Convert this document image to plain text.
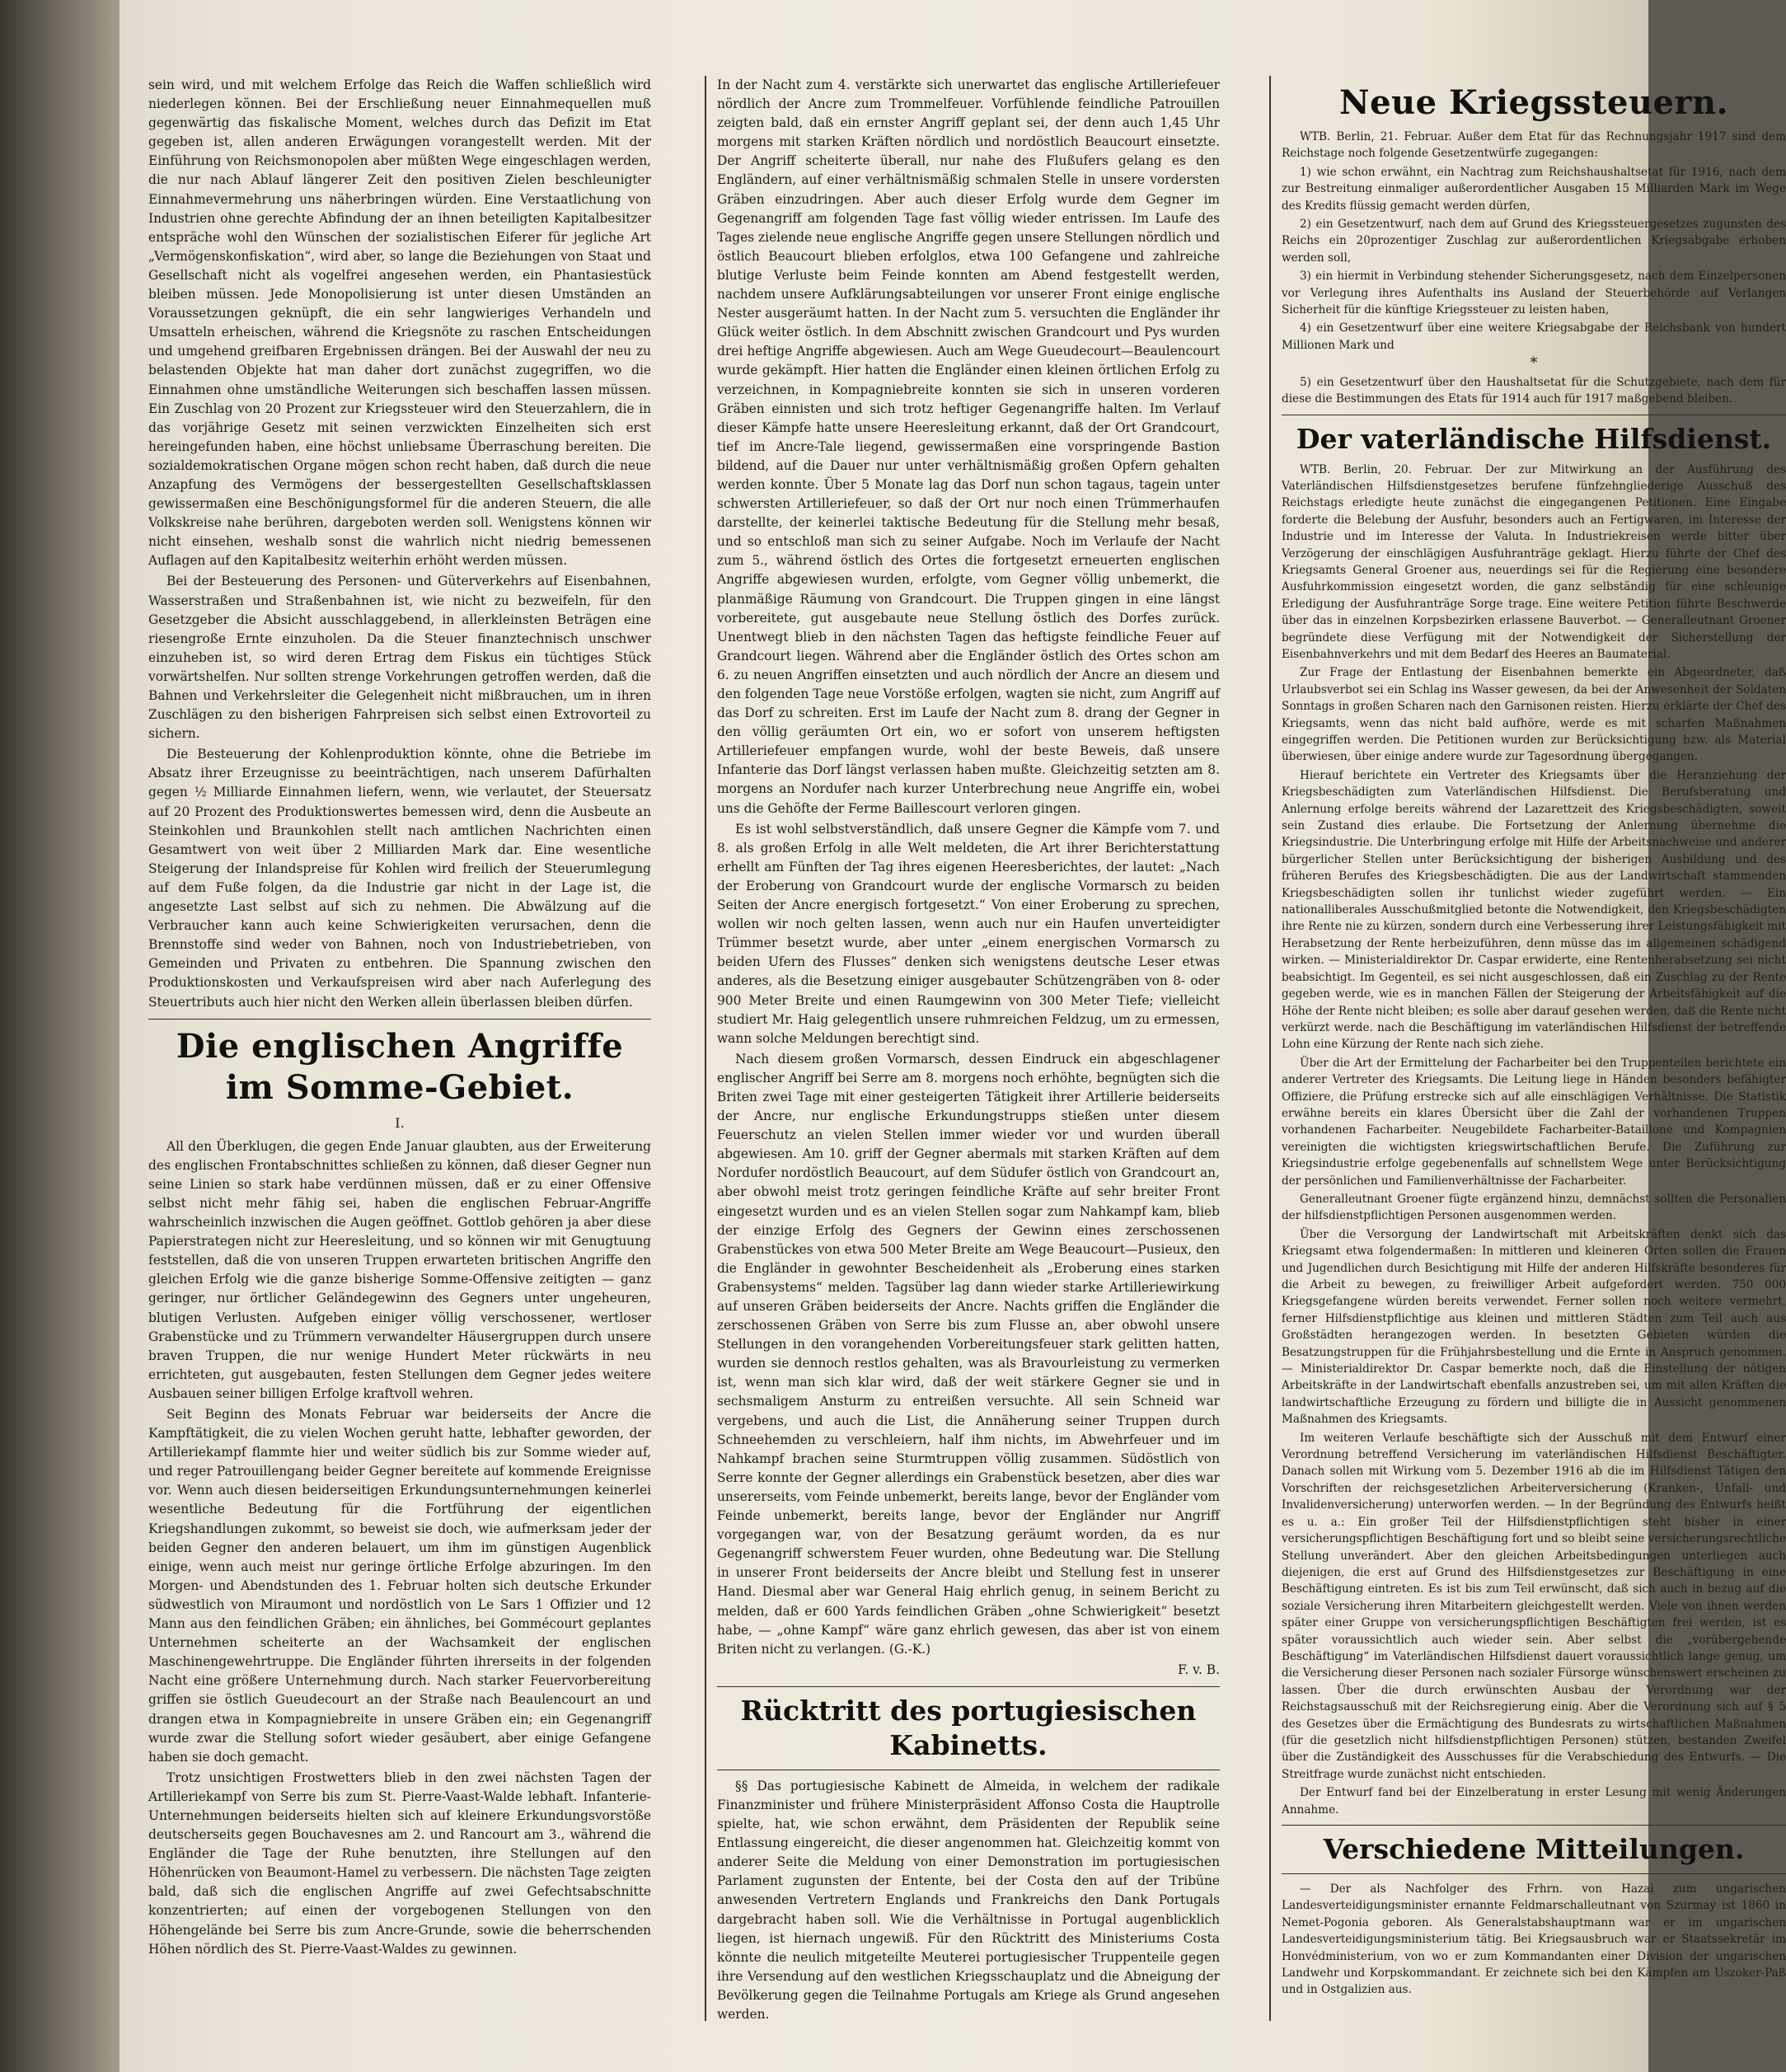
sein wird, und mit welchem Erfolge das Reich die Waffen schließlich wird niederlegen können. Bei der Erschließung neuer Einnahmequellen muß gegenwärtig das fiskalische Moment, welches durch das Defizit im Etat gegeben ist, allen anderen Erwägungen vorangestellt werden. Mit der Einführung von Reichsmonopolen aber müßten Wege eingeschlagen werden, die nur nach Ablauf längerer Zeit den positiven Zielen beschleunigter Einnahmevermehrung uns näherbringen würden. Eine Verstaatlichung von Industrien ohne gerechte Abfindung der an ihnen beteiligten Kapitalbesitzer entspräche wohl den Wünschen der sozialistischen Eiferer für jegliche Art „Vermögenskonfiskation“, wird aber, so lange die Beziehungen von Staat und Gesellschaft nicht als vogelfrei angesehen werden, ein Phantasiestück bleiben müssen. Jede Monopolisierung ist unter diesen Umständen an Voraussetzungen geknüpft, die ein sehr langwieriges Verhandeln und Umsatteln erheischen, während die Kriegsnöte zu raschen Entscheidungen und umgehend greifbaren Ergebnissen drängen. Bei der Auswahl der neu zu belastenden Objekte hat man daher dort zunächst zugegriffen, wo die Einnahmen ohne umständliche Weiterungen sich beschaffen lassen müssen. Ein Zuschlag von 20 Prozent zur Kriegssteuer wird den Steuerzahlern, die in das vorjährige Gesetz mit seinen verzwickten Einzelheiten sich erst hereingefunden haben, eine höchst unliebsame Überraschung bereiten. Die sozialdemokratischen Organe mögen schon recht haben, daß durch die neue Anzapfung des Vermögens der bessergestellten Gesellschaftsklassen gewissermaßen eine Beschönigungsformel für die anderen Steuern, die alle Volkskreise nahe berühren, dargeboten werden soll. Wenigstens können wir nicht einsehen, weshalb sonst die wahrlich nicht niedrig bemessenen Auflagen auf den Kapitalbesitz weiterhin erhöht werden müssen.

Bei der Besteuerung des Personen- und Güterverkehrs auf Eisenbahnen, Wasserstraßen und Straßenbahnen ist, wie nicht zu bezweifeln, für den Gesetzgeber die Absicht ausschlaggebend, in allerkleinsten Beträgen eine riesengroße Ernte einzuholen. Da die Steuer finanztechnisch unschwer einzuheben ist, so wird deren Ertrag dem Fiskus ein tüchtiges Stück vorwärtshelfen. Nur sollten strenge Vorkehrungen getroffen werden, daß die Bahnen und Verkehrsleiter die Gelegenheit nicht mißbrauchen, um in ihren Zuschlägen zu den bisherigen Fahrpreisen sich selbst einen Extrovorteil zu sichern.

Die Besteuerung der Kohlenproduktion könnte, ohne die Betriebe im Absatz ihrer Erzeugnisse zu beeinträchtigen, nach unserem Dafürhalten gegen ½ Milliarde Einnahmen liefern, wenn, wie verlautet, der Steuersatz auf 20 Prozent des Produktionswertes bemessen wird, denn die Ausbeute an Steinkohlen und Braunkohlen stellt nach amtlichen Nachrichten einen Gesamtwert von weit über 2 Milliarden Mark dar. Eine wesentliche Steigerung der Inlandspreise für Kohlen wird freilich der Steuerumlegung auf dem Fuße folgen, da die Industrie gar nicht in der Lage ist, die angesetzte Last selbst auf sich zu nehmen. Die Abwälzung auf die Verbraucher kann auch keine Schwierigkeiten verursachen, denn die Brennstoffe sind weder von Bahnen, noch von Industriebetrieben, von Gemeinden und Privaten zu entbehren. Die Spannung zwischen den Produktionskosten und Verkaufspreisen wird aber nach Auferlegung des Steuertributs auch hier nicht den Werken allein überlassen bleiben dürfen.

Die englischen Angriffe im Somme-Gebiet.
I.

All den Überklugen, die gegen Ende Januar glaubten, aus der Erweiterung des englischen Frontabschnittes schließen zu können, daß dieser Gegner nun seine Linien so stark habe verdünnen müssen, daß er zu einer Offensive selbst nicht mehr fähig sei, haben die englischen Februar-Angriffe wahrscheinlich inzwischen die Augen geöffnet. Gottlob gehören ja aber diese Papierstrategen nicht zur Heeresleitung, und so können wir mit Genugtuung feststellen, daß die von unseren Truppen erwarteten britischen Angriffe den gleichen Erfolg wie die ganze bisherige Somme-Offensive zeitigten — ganz geringer, nur örtlicher Geländegewinn des Gegners unter ungeheuren, blutigen Verlusten. Aufgeben einiger völlig verschossener, wertloser Grabenstücke und zu Trümmern verwandelter Häusergruppen durch unsere braven Truppen, die nur wenige Hundert Meter rückwärts in neu errichteten, gut ausgebauten, festen Stellungen dem Gegner jedes weitere Ausbauen seiner billigen Erfolge kraftvoll wehren.

Seit Beginn des Monats Februar war beiderseits der Ancre die Kampftätigkeit, die zu vielen Wochen geruht hatte, lebhafter geworden, der Artilleriekampf flammte hier und weiter südlich bis zur Somme wieder auf, und reger Patrouillengang beider Gegner bereitete auf kommende Ereignisse vor. Wenn auch diesen beiderseitigen Erkundungsunternehmungen keinerlei wesentliche Bedeutung für die Fortführung der eigentlichen Kriegshandlungen zukommt, so beweist sie doch, wie aufmerksam jeder der beiden Gegner den anderen belauert, um ihm im günstigen Augenblick einige, wenn auch meist nur geringe örtliche Erfolge abzuringen. Im den Morgen- und Abendstunden des 1. Februar holten sich deutsche Erkunder südwestlich von Miraumont und nordöstlich von Le Sars 1 Offizier und 12 Mann aus den feindlichen Gräben; ein ähnliches, bei Gommécourt geplantes Unternehmen scheiterte an der Wachsamkeit der englischen Maschinengewehrtruppe. Die Engländer führten ihrerseits in der folgenden Nacht eine größere Unternehmung durch. Nach starker Feuervorbereitung griffen sie östlich Gueudecourt an der Straße nach Beaulencourt an und drangen etwa in Kompagniebreite in unsere Gräben ein; ein Gegenangriff wurde zwar die Stellung sofort wieder gesäubert, aber einige Gefangene haben sie doch gemacht.

Trotz unsichtigen Frostwetters blieb in den zwei nächsten Tagen der Artilleriekampf von Serre bis zum St. Pierre-Vaast-Walde lebhaft. Infanterie-Unternehmungen beiderseits hielten sich auf kleinere Erkundungsvorstöße deutscherseits gegen Bouchavesnes am 2. und Rancourt am 3., während die Engländer die Tage der Ruhe benutzten, ihre Stellungen auf den Höhenrücken von Beaumont-Hamel zu verbessern. Die nächsten Tage zeigten bald, daß sich die englischen Angriffe auf zwei Gefechtsabschnitte konzentrierten; auf einen der vorgebogenen Stellungen von den Höhengelände bei Serre bis zum Ancre-Grunde, sowie die beherrschenden Höhen nördlich des St. Pierre-Vaast-Waldes zu gewinnen.

In der Nacht zum 4. verstärkte sich unerwartet das englische Artilleriefeuer nördlich der Ancre zum Trommelfeuer. Vorfühlende feindliche Patrouillen zeigten bald, daß ein ernster Angriff geplant sei, der denn auch 1,45 Uhr morgens mit starken Kräften nördlich und nordöstlich Beaucourt einsetzte. Der Angriff scheiterte überall, nur nahe des Flußufers gelang es den Engländern, auf einer verhältnismäßig schmalen Stelle in unsere vordersten Gräben einzudringen. Aber auch dieser Erfolg wurde dem Gegner im Gegenangriff am folgenden Tage fast völlig wieder entrissen. Im Laufe des Tages zielende neue englische Angriffe gegen unsere Stellungen nördlich und östlich Beaucourt blieben erfolglos, etwa 100 Gefangene und zahlreiche blutige Verluste beim Feinde konnten am Abend festgestellt werden, nachdem unsere Aufklärungsabteilungen vor unserer Front einige englische Nester ausgeräumt hatten. In der Nacht zum 5. versuchten die Engländer ihr Glück weiter östlich. In dem Abschnitt zwischen Grandcourt und Pys wurden drei heftige Angriffe abgewiesen. Auch am Wege Gueudecourt—Beaulencourt wurde gekämpft. Hier hatten die Engländer einen kleinen örtlichen Erfolg zu verzeichnen, in Kompagniebreite konnten sie sich in unseren vorderen Gräben einnisten und sich trotz heftiger Gegenangriffe halten. Im Verlauf dieser Kämpfe hatte unsere Heeresleitung erkannt, daß der Ort Grandcourt, tief im Ancre-Tale liegend, gewissermaßen eine vorspringende Bastion bildend, auf die Dauer nur unter verhältnismäßig großen Opfern gehalten werden konnte. Über 5 Monate lag das Dorf nun schon tagaus, tagein unter schwersten Artilleriefeuer, so daß der Ort nur noch einen Trümmerhaufen darstellte, der keinerlei taktische Bedeutung für die Stellung mehr besaß, und so entschloß man sich zu seiner Aufgabe. Noch im Verlaufe der Nacht zum 5., während östlich des Ortes die fortgesetzt erneuerten englischen Angriffe abgewiesen wurden, erfolgte, vom Gegner völlig unbemerkt, die planmäßige Räumung von Grandcourt. Die Truppen gingen in eine längst vorbereitete, gut ausgebaute neue Stellung östlich des Dorfes zurück. Unentwegt blieb in den nächsten Tagen das heftigste feindliche Feuer auf Grandcourt liegen. Während aber die Engländer östlich des Ortes schon am 6. zu neuen Angriffen einsetzten und auch nördlich der Ancre an diesem und den folgenden Tage neue Vorstöße erfolgen, wagten sie nicht, zum Angriff auf das Dorf zu schreiten. Erst im Laufe der Nacht zum 8. drang der Gegner in den völlig geräumten Ort ein, wo er sofort von unserem heftigsten Artilleriefeuer empfangen wurde, wohl der beste Beweis, daß unsere Infanterie das Dorf längst verlassen haben mußte. Gleichzeitig setzten am 8. morgens an Nordufer nach kurzer Unterbrechung neue Angriffe ein, wobei uns die Gehöfte der Ferme Baillescourt verloren gingen.

Es ist wohl selbstverständlich, daß unsere Gegner die Kämpfe vom 7. und 8. als großen Erfolg in alle Welt meldeten, die Art ihrer Berichterstattung erhellt am Fünften der Tag ihres eigenen Heeresberichtes, der lautet: „Nach der Eroberung von Grandcourt wurde der englische Vormarsch zu beiden Seiten der Ancre energisch fortgesetzt.“ Von einer Eroberung zu sprechen, wollen wir noch gelten lassen, wenn auch nur ein Haufen unverteidigter Trümmer besetzt wurde, aber unter „einem energischen Vormarsch zu beiden Ufern des Flusses“ denken sich wenigstens deutsche Leser etwas anderes, als die Besetzung einiger ausgebauter Schützengräben von 8- oder 900 Meter Breite und einen Raumgewinn von 300 Meter Tiefe; vielleicht studiert Mr. Haig gelegentlich unsere ruhmreichen Feldzug, um zu ermessen, wann solche Meldungen berechtigt sind.

Nach diesem großen Vormarsch, dessen Eindruck ein abgeschlagener englischer Angriff bei Serre am 8. morgens noch erhöhte, begnügten sich die Briten zwei Tage mit einer gesteigerten Tätigkeit ihrer Artillerie beiderseits der Ancre, nur englische Erkundungstrupps stießen unter diesem Feuerschutz an vielen Stellen immer wieder vor und wurden überall abgewiesen. Am 10. griff der Gegner abermals mit starken Kräften auf dem Nordufer nordöstlich Beaucourt, auf dem Südufer östlich von Grandcourt an, aber obwohl meist trotz geringen feindliche Kräfte auf sehr breiter Front eingesetzt wurden und es an vielen Stellen sogar zum Nahkampf kam, blieb der einzige Erfolg des Gegners der Gewinn eines zerschossenen Grabenstückes von etwa 500 Meter Breite am Wege Beaucourt—Pusieux, den die Engländer in gewohnter Bescheidenheit als „Eroberung eines starken Grabensystems“ melden. Tagsüber lag dann wieder starke Artilleriewirkung auf unseren Gräben beiderseits der Ancre. Nachts griffen die Engländer die zerschossenen Gräben von Serre bis zum Flusse an, aber obwohl unsere Stellungen in den vorangehenden Vorbereitungsfeuer stark gelitten hatten, wurden sie dennoch restlos gehalten, was als Bravourleistung zu vermerken ist, wenn man sich klar wird, daß der weit stärkere Gegner sie und in sechsmaligem Ansturm zu entreißen versuchte. All sein Schneid war vergebens, und auch die List, die Annäherung seiner Truppen durch Schneehemden zu verschleiern, half ihm nichts, im Abwehrfeuer und im Nahkampf brachen seine Sturmtruppen völlig zusammen. Südöstlich von Serre konnte der Gegner allerdings ein Grabenstück besetzen, aber dies war unsererseits, vom Feinde unbemerkt, bereits lange, bevor der Engländer vom Feinde unbemerkt, bereits lange, bevor der Engländer nur Angriff vorgegangen war, von der Besatzung geräumt worden, da es nur Gegenangriff schwerstem Feuer wurden, ohne Bedeutung war. Die Stellung in unserer Front beiderseits der Ancre bleibt und Stellung fest in unserer Hand. Diesmal aber war General Haig ehrlich genug, in seinem Bericht zu melden, daß er 600 Yards feindlichen Gräben „ohne Schwierigkeit“ besetzt habe, — „ohne Kampf“ wäre ganz ehrlich gewesen, das aber ist von einem Briten nicht zu verlangen. (G.-K.)

F. v. B.
Rücktritt des portugiesischen Kabinetts.

§§ Das portugiesische Kabinett de Almeida, in welchem der radikale Finanzminister und frühere Ministerpräsident Affonso Costa die Hauptrolle spielte, hat, wie schon erwähnt, dem Präsidenten der Republik seine Entlassung eingereicht, die dieser angenommen hat. Gleichzeitig kommt von anderer Seite die Meldung von einer Demonstration im portugiesischen Parlament zugunsten der Entente, bei der Costa den auf der Tribüne anwesenden Vertretern Englands und Frankreichs den Dank Portugals dargebracht haben soll. Wie die Verhältnisse in Portugal augenblicklich liegen, ist hiernach ungewiß. Für den Rücktritt des Ministeriums Costa könnte die neulich mitgeteilte Meuterei portugiesischer Truppenteile gegen ihre Versendung auf den westlichen Kriegsschauplatz und die Abneigung der Bevölkerung gegen die Teilnahme Portugals am Kriege als Grund angesehen werden.

Neue Kriegssteuern.

WTB. Berlin, 21. Februar. Außer dem Etat für das Rechnungsjahr 1917 sind dem Reichstage noch folgende Gesetzentwürfe zugegangen:

1) wie schon erwähnt, ein Nachtrag zum Reichshaushaltsetat für 1916, nach dem zur Bestreitung einmaliger außerordentlicher Ausgaben 15 Milliarden Mark im Wege des Kredits flüssig gemacht werden dürfen,

2) ein Gesetzentwurf, nach dem auf Grund des Kriegssteuergesetzes zugunsten des Reichs ein 20prozentiger Zuschlag zur außerordentlichen Kriegsabgabe erhoben werden soll,

3) ein hiermit in Verbindung stehender Sicherungsgesetz, nach dem Einzelpersonen vor Verlegung ihres Aufenthalts ins Ausland der Steuerbehörde auf Verlangen Sicherheit für die künftige Kriegssteuer zu leisten haben,

4) ein Gesetzentwurf über eine weitere Kriegsabgabe der Reichsbank von hundert Millionen Mark und

*

5) ein Gesetzentwurf über den Haushaltsetat für die Schutzgebiete, nach dem für diese die Bestimmungen des Etats für 1914 auch für 1917 maßgebend bleiben.

Der vaterländische Hilfsdienst.

WTB. Berlin, 20. Februar. Der zur Mitwirkung an der Ausführung des Vaterländischen Hilfsdienstgesetzes berufene fünfzehngliederige Ausschuß des Reichstags erledigte heute zunächst die eingegangenen Petitionen. Eine Eingabe forderte die Belebung der Ausfuhr, besonders auch an Fertigwaren, im Interesse der Industrie und im Interesse der Valuta. In Industriekreisen werde bitter über Verzögerung der einschlägigen Ausfuhranträge geklagt. Hierzu führte der Chef des Kriegsamts General Groener aus, neuerdings sei für die Regierung eine besondere Ausfuhrkommission eingesetzt worden, die ganz selbständig für eine schleunige Erledigung der Ausfuhranträge Sorge trage. Eine weitere Petition führte Beschwerde über das in einzelnen Korpsbezirken erlassene Bauverbot. — Generalleutnant Groener begründete diese Verfügung mit der Notwendigkeit der Sicherstellung der Eisenbahnverkehrs und mit dem Bedarf des Heeres an Baumaterial.

Zur Frage der Entlastung der Eisenbahnen bemerkte ein Abgeordneter, daß Urlaubsverbot sei ein Schlag ins Wasser gewesen, da bei der Anwesenheit der Soldaten Sonntags in großen Scharen nach den Garnisonen reisten. Hierzu erklärte der Chef des Kriegsamts, wenn das nicht bald aufhöre, werde es mit scharfen Maßnahmen eingegriffen werden. Die Petitionen wurden zur Berücksichtigung bzw. als Material überwiesen, über einige andere wurde zur Tagesordnung übergegangen.

Hierauf berichtete ein Vertreter des Kriegsamts über die Heranziehung der Kriegsbeschädigten zum Vaterländischen Hilfsdienst. Die Berufsberatung und Anlernung erfolge bereits während der Lazarettzeit des Kriegsbeschädigten, soweit sein Zustand dies erlaube. Die Fortsetzung der Anlernung übernehme die Kriegsindustrie. Die Unterbringung erfolge mit Hilfe der Arbeitsnachweise und anderer bürgerlicher Stellen unter Berücksichtigung der bisherigen Ausbildung und des früheren Berufes des Kriegsbeschädigten. Die aus der Landwirtschaft stammenden Kriegsbeschädigten sollen ihr tunlichst wieder zugeführt werden. — Ein nationalliberales Ausschußmitglied betonte die Notwendigkeit, den Kriegsbeschädigten ihre Rente nie zu kürzen, sondern durch eine Verbesserung ihrer Leistungsfähigkeit mit Herabsetzung der Rente herbeizuführen, denn müsse das im allgemeinen schädigend wirken. — Ministerialdirektor Dr. Caspar erwiderte, eine Rentenherabsetzung sei nicht beabsichtigt. Im Gegenteil, es sei nicht ausgeschlossen, daß ein Zuschlag zu der Rente gegeben werde, wie es in manchen Fällen der Steigerung der Arbeitsfähigkeit auf die Höhe der Rente nicht bleiben; es solle aber darauf gesehen werden, daß die Rente nicht verkürzt werde. nach die Beschäftigung im vaterländischen Hilfsdienst der betreffende Lohn eine Kürzung der Rente nach sich ziehe.

Über die Art der Ermittelung der Facharbeiter bei den Truppenteilen berichtete ein anderer Vertreter des Kriegsamts. Die Leitung liege in Händen besonders befähigter Offiziere, die Prüfung erstrecke sich auf alle einschlägigen Verhältnisse. Die Statistik erwähne bereits ein klares Übersicht über die Zahl der vorhandenen Truppen vorhandenen Facharbeiter. Neugebildete Facharbeiter-Bataillone und Kompagnien vereinigten die wichtigsten kriegswirtschaftlichen Berufe. Die Zuführung zur Kriegsindustrie erfolge gegebenenfalls auf schnellstem Wege unter Berücksichtigung der persönlichen und Familienverhältnisse der Facharbeiter.

Generalleutnant Groener fügte ergänzend hinzu, demnächst sollten die Personalien der hilfsdienstpflichtigen Personen ausgenommen werden.

Über die Versorgung der Landwirtschaft mit Arbeitskräften denkt sich das Kriegsamt etwa folgendermaßen: In mittleren und kleineren Orten sollen die Frauen und Jugendlichen durch Besichtigung mit Hilfe der anderen Hilfskräfte besonderes für die Arbeit zu bewegen, zu freiwilliger Arbeit aufgefordert werden. 750 000 Kriegsgefangene würden bereits verwendet. Ferner sollen noch weitere vermehrt, ferner Hilfsdienstpflichtige aus kleinen und mittleren Städten zum Teil auch aus Großstädten herangezogen werden. In besetzten Gebieten würden die Besatzungstruppen für die Frühjahrsbestellung und die Ernte in Anspruch genommen. — Ministerialdirektor Dr. Caspar bemerkte noch, daß die Einstellung der nötigen Arbeitskräfte in der Landwirtschaft ebenfalls anzustreben sei, um mit allen Kräften die landwirtschaftliche Erzeugung zu fördern und billigte die in Aussicht genommenen Maßnahmen des Kriegsamts.

Im weiteren Verlaufe beschäftigte sich der Ausschuß mit dem Entwurf einer Verordnung betreffend Versicherung im vaterländischen Hilfsdienst Beschäftigter. Danach sollen mit Wirkung vom 5. Dezember 1916 ab die im Hilfsdienst Tätigen den Vorschriften der reichsgesetzlichen Arbeiterversicherung (Kranken-, Unfall- und Invalidenversicherung) unterworfen werden. — In der Begründung des Entwurfs heißt es u. a.: Ein großer Teil der Hilfsdienstpflichtigen steht bisher in einer versicherungspflichtigen Beschäftigung fort und so bleibt seine versicherungsrechtliche Stellung unverändert. Aber den gleichen Arbeitsbedingungen unterliegen auch diejenigen, die erst auf Grund des Hilfsdienstgesetzes zur Beschäftigung in eine Beschäftigung eintreten. Es ist bis zum Teil erwünscht, daß sich auch in bezug auf die soziale Versicherung ihren Mitarbeitern gleichgestellt werden. Viele von ihnen werden später einer Gruppe von versicherungspflichtigen Beschäftigten frei werden, ist es später voraussichtlich auch wieder sein. Aber selbst die „vorübergehende Beschäftigung“ im Vaterländischen Hilfsdienst dauert voraussichtlich lange genug, um die Versicherung dieser Personen nach sozialer Fürsorge wünschenswert erscheinen zu lassen. Über die durch erwünschten Ausbau der Verordnung war der Reichstagsausschuß mit der Reichsregierung einig. Aber die Verordnung sich auf § 5 des Gesetzes über die Ermächtigung des Bundesrats zu wirtschaftlichen Maßnahmen (für die gesetzlich nicht hilfsdienstpflichtigen Personen) stützen, bestanden Zweifel über die Zuständigkeit des Ausschusses für die Verabschiedung des Entwurfs. — Die Streitfrage wurde zunächst nicht entschieden.

Der Entwurf fand bei der Einzelberatung in erster Lesung mit wenig Änderungen Annahme.

Verschiedene Mitteilungen.

— Der als Nachfolger des Frhrn. von Hazai zum ungarischen Landesverteidigungsminister ernannte Feldmarschalleutnant von Szurmay ist 1860 in Nemet-Pogonia geboren. Als Generalstabshauptmann war er im ungarischen Landesverteidigungsministerium tätig. Bei Kriegsausbruch war er Staatssekretär im Honvédministerium, von wo er zum Kommandanten einer Division der ungarischen Landwehr und Korpskommandant. Er zeichnete sich bei den Kämpfen am Uszoker-Paß und in Ostgalizien aus.
